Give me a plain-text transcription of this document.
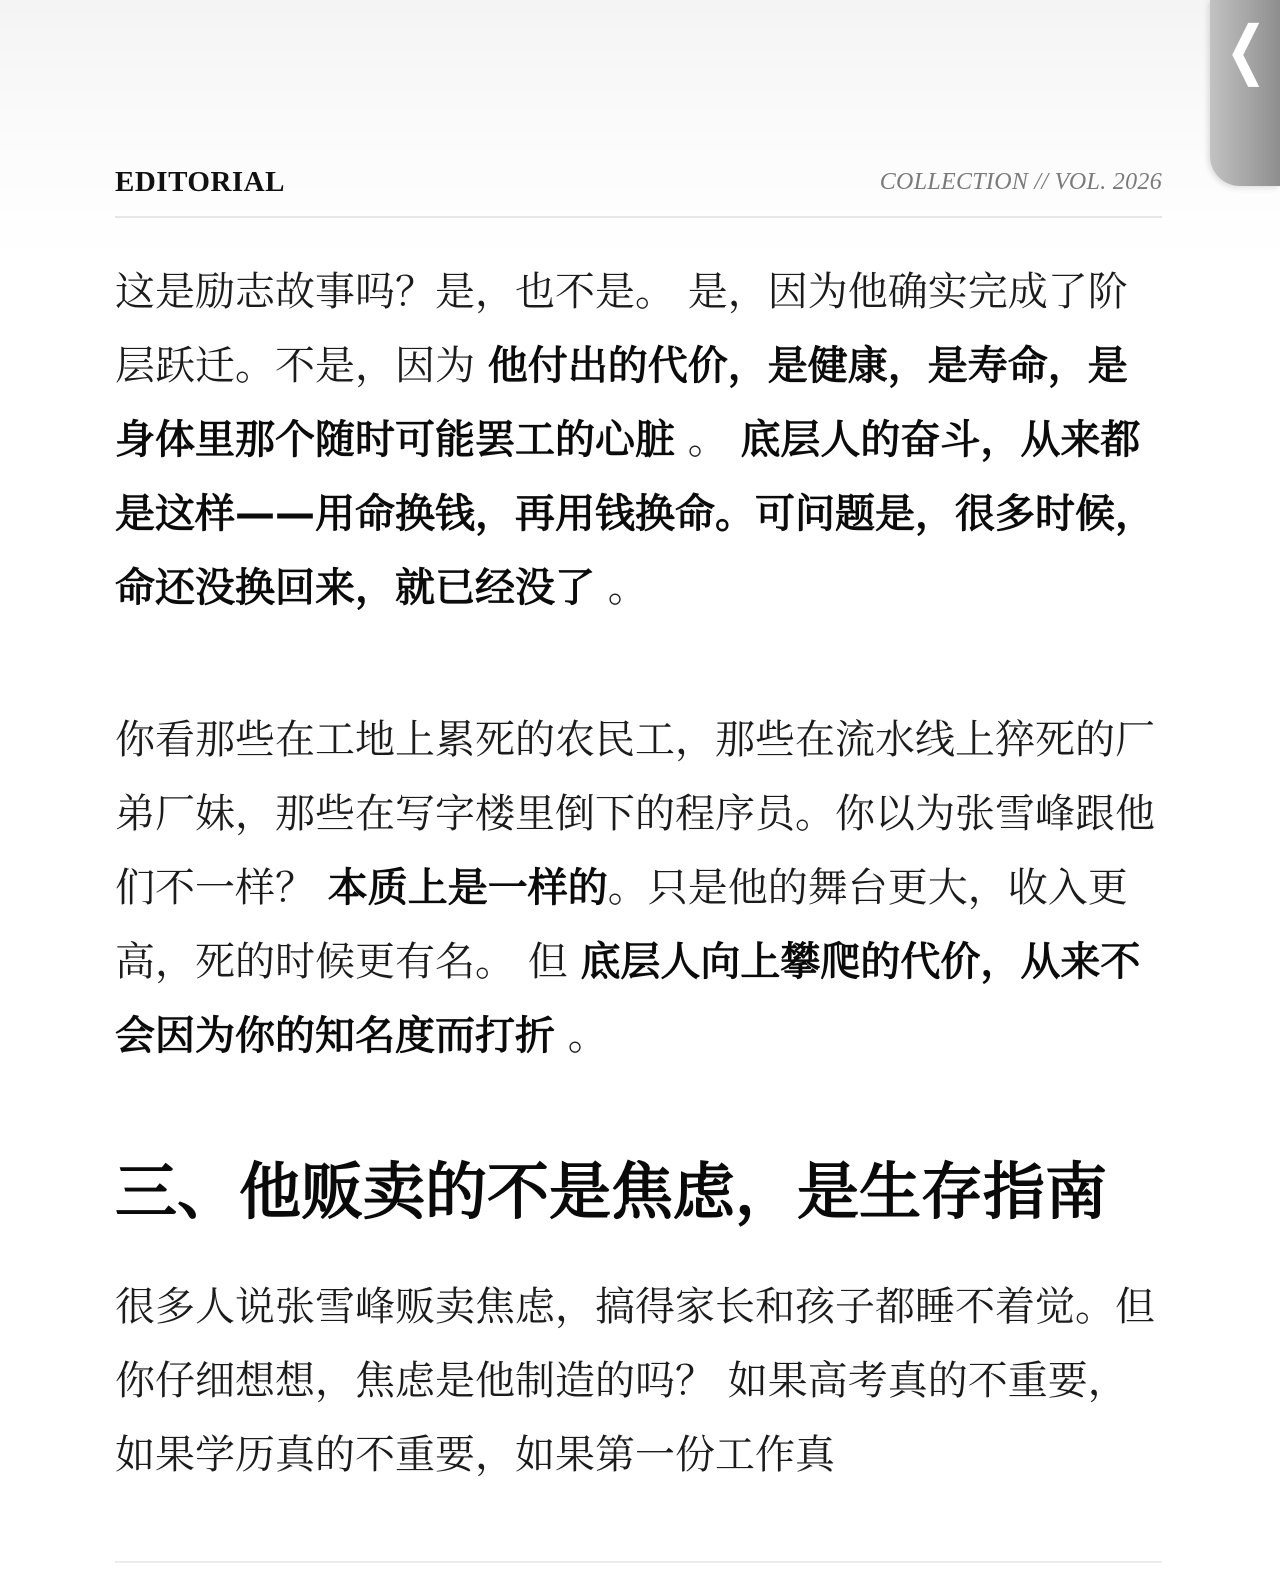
❬
EDITORIAL	COLLECTION // VOL. 2026

这是励志故事吗？是，也不是。 是，因为他确实完成了阶层跃迁。不是，因为 他付出的代价，是健康，是寿命，是身体里那个随时可能罢工的心脏 。 底层人的奋斗，从来都是这样——用命换钱，再用钱换命。可问题是，很多时候，命还没换回来，就已经没了 。

你看那些在工地上累死的农民工，那些在流水线上猝死的厂弟厂妹，那些在写字楼里倒下的程序员。你以为张雪峰跟他们不一样？ 本质上是一样的。只是他的舞台更大，收入更高，死的时候更有名。 但 底层人向上攀爬的代价，从来不会因为你的知名度而打折 。

三、他贩卖的不是焦虑，是生存指南

很多人说张雪峰贩卖焦虑，搞得家长和孩子都睡不着觉。但你仔细想想，焦虑是他制造的吗？ 如果高考真的不重要，如果学历真的不重要，如果第一份工作真
